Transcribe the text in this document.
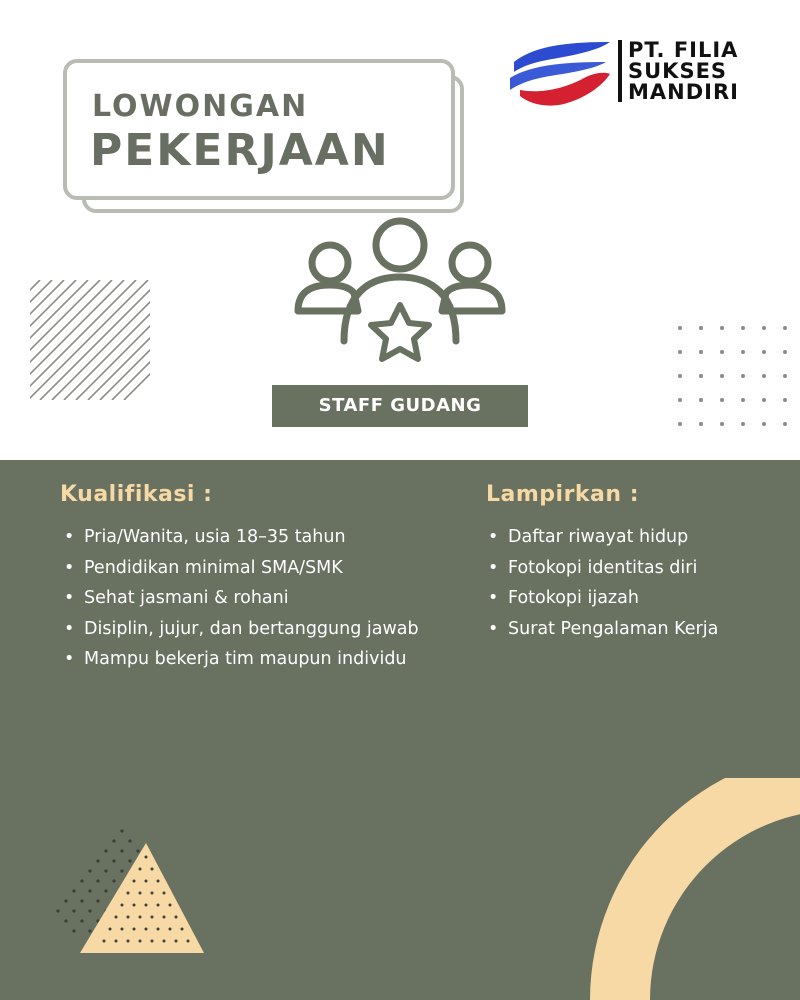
LOWONGAN
PEKERJAAN
PT. FILIA
SUKSES
MANDIRI
STAFF GUDANG
Kualifikasi :
• Pria/Wanita, usia 18–35 tahun
• Pendidikan minimal SMA/SMK
• Sehat jasmani & rohani
• Disiplin, jujur, dan bertanggung jawab
• Mampu bekerja tim maupun individu
Lampirkan :
• Daftar riwayat hidup
• Fotokopi identitas diri
• Fotokopi ijazah
• Surat Pengalaman Kerja
